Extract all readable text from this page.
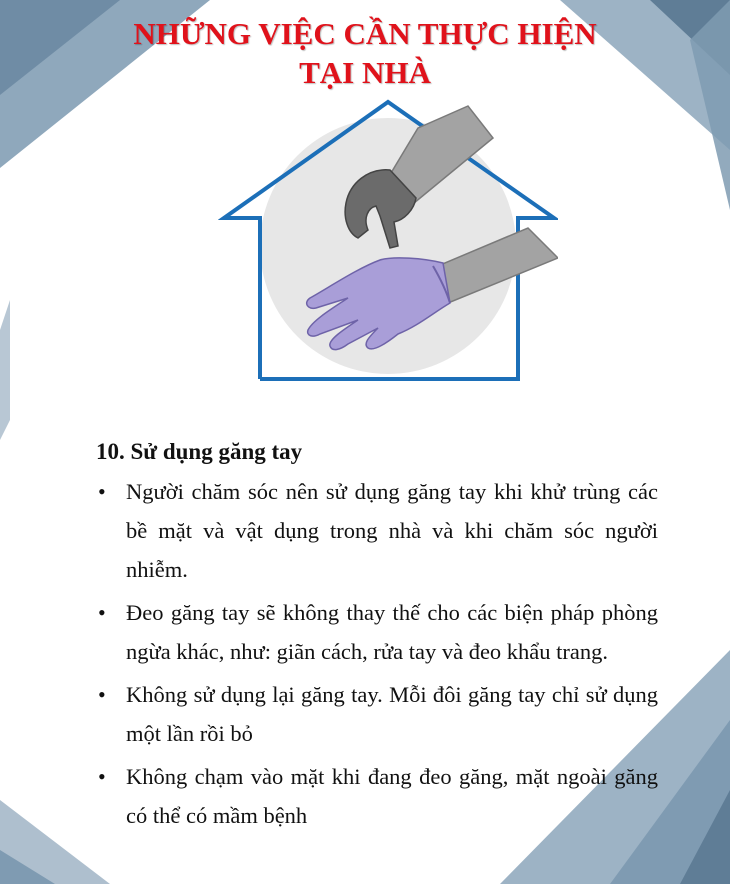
NHỮNG VIỆC CẦN THỰC HIỆN
TẠI NHÀ
10. Sử dụng găng tay
• Người chăm sóc nên sử dụng găng tay khi khử trùng các bề mặt và vật dụng trong nhà và khi chăm sóc người nhiễm.
• Đeo găng tay sẽ không thay thế cho các biện pháp phòng ngừa khác, như: giãn cách, rửa tay và đeo khẩu trang.
• Không sử dụng lại găng tay. Mỗi đôi găng tay chỉ sử dụng một lần rồi bỏ
• Không chạm vào mặt khi đang đeo găng, mặt ngoài găng có thể có mầm bệnh
